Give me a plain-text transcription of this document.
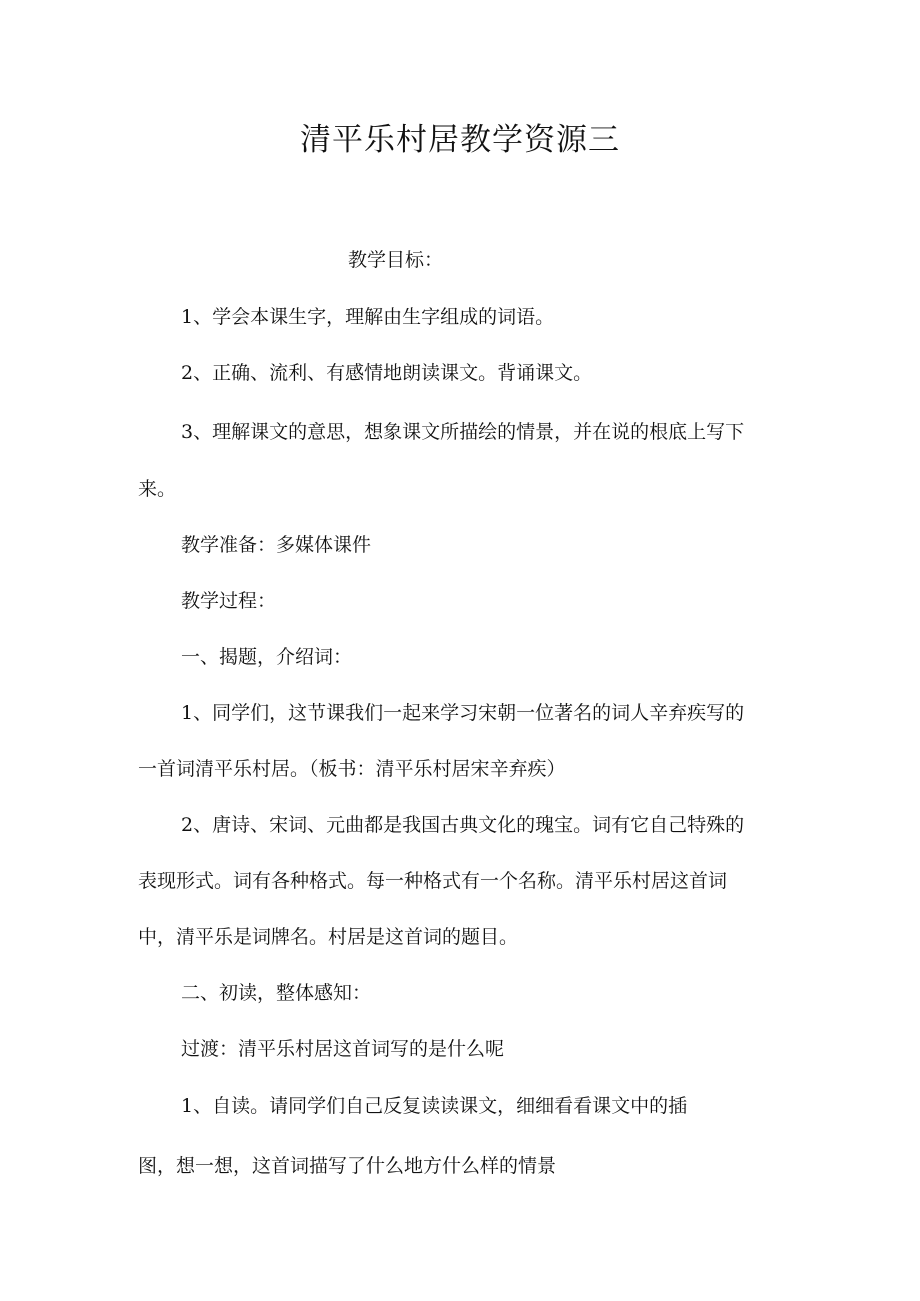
清平乐村居教学资源三

教学目标：

1、学会本课生字，理解由生字组成的词语。

2、正确、流利、有感情地朗读课文。背诵课文。

3、理解课文的意思，想象课文所描绘的情景，并在说的根底上写下

来。

教学准备：多媒体课件

教学过程：

一、揭题，介绍词：

1、同学们，这节课我们一起来学习宋朝一位著名的词人辛弃疾写的

一首词清平乐村居。（板书：清平乐村居宋辛弃疾）

2、唐诗、宋词、元曲都是我国古典文化的瑰宝。词有它自己特殊的

表现形式。词有各种格式。每一种格式有一个名称。清平乐村居这首词

中，清平乐是词牌名。村居是这首词的题目。

二、初读，整体感知：

过渡：清平乐村居这首词写的是什么呢

1、自读。请同学们自己反复读读课文，细细看看课文中的插

图，想一想，这首词描写了什么地方什么样的情景
